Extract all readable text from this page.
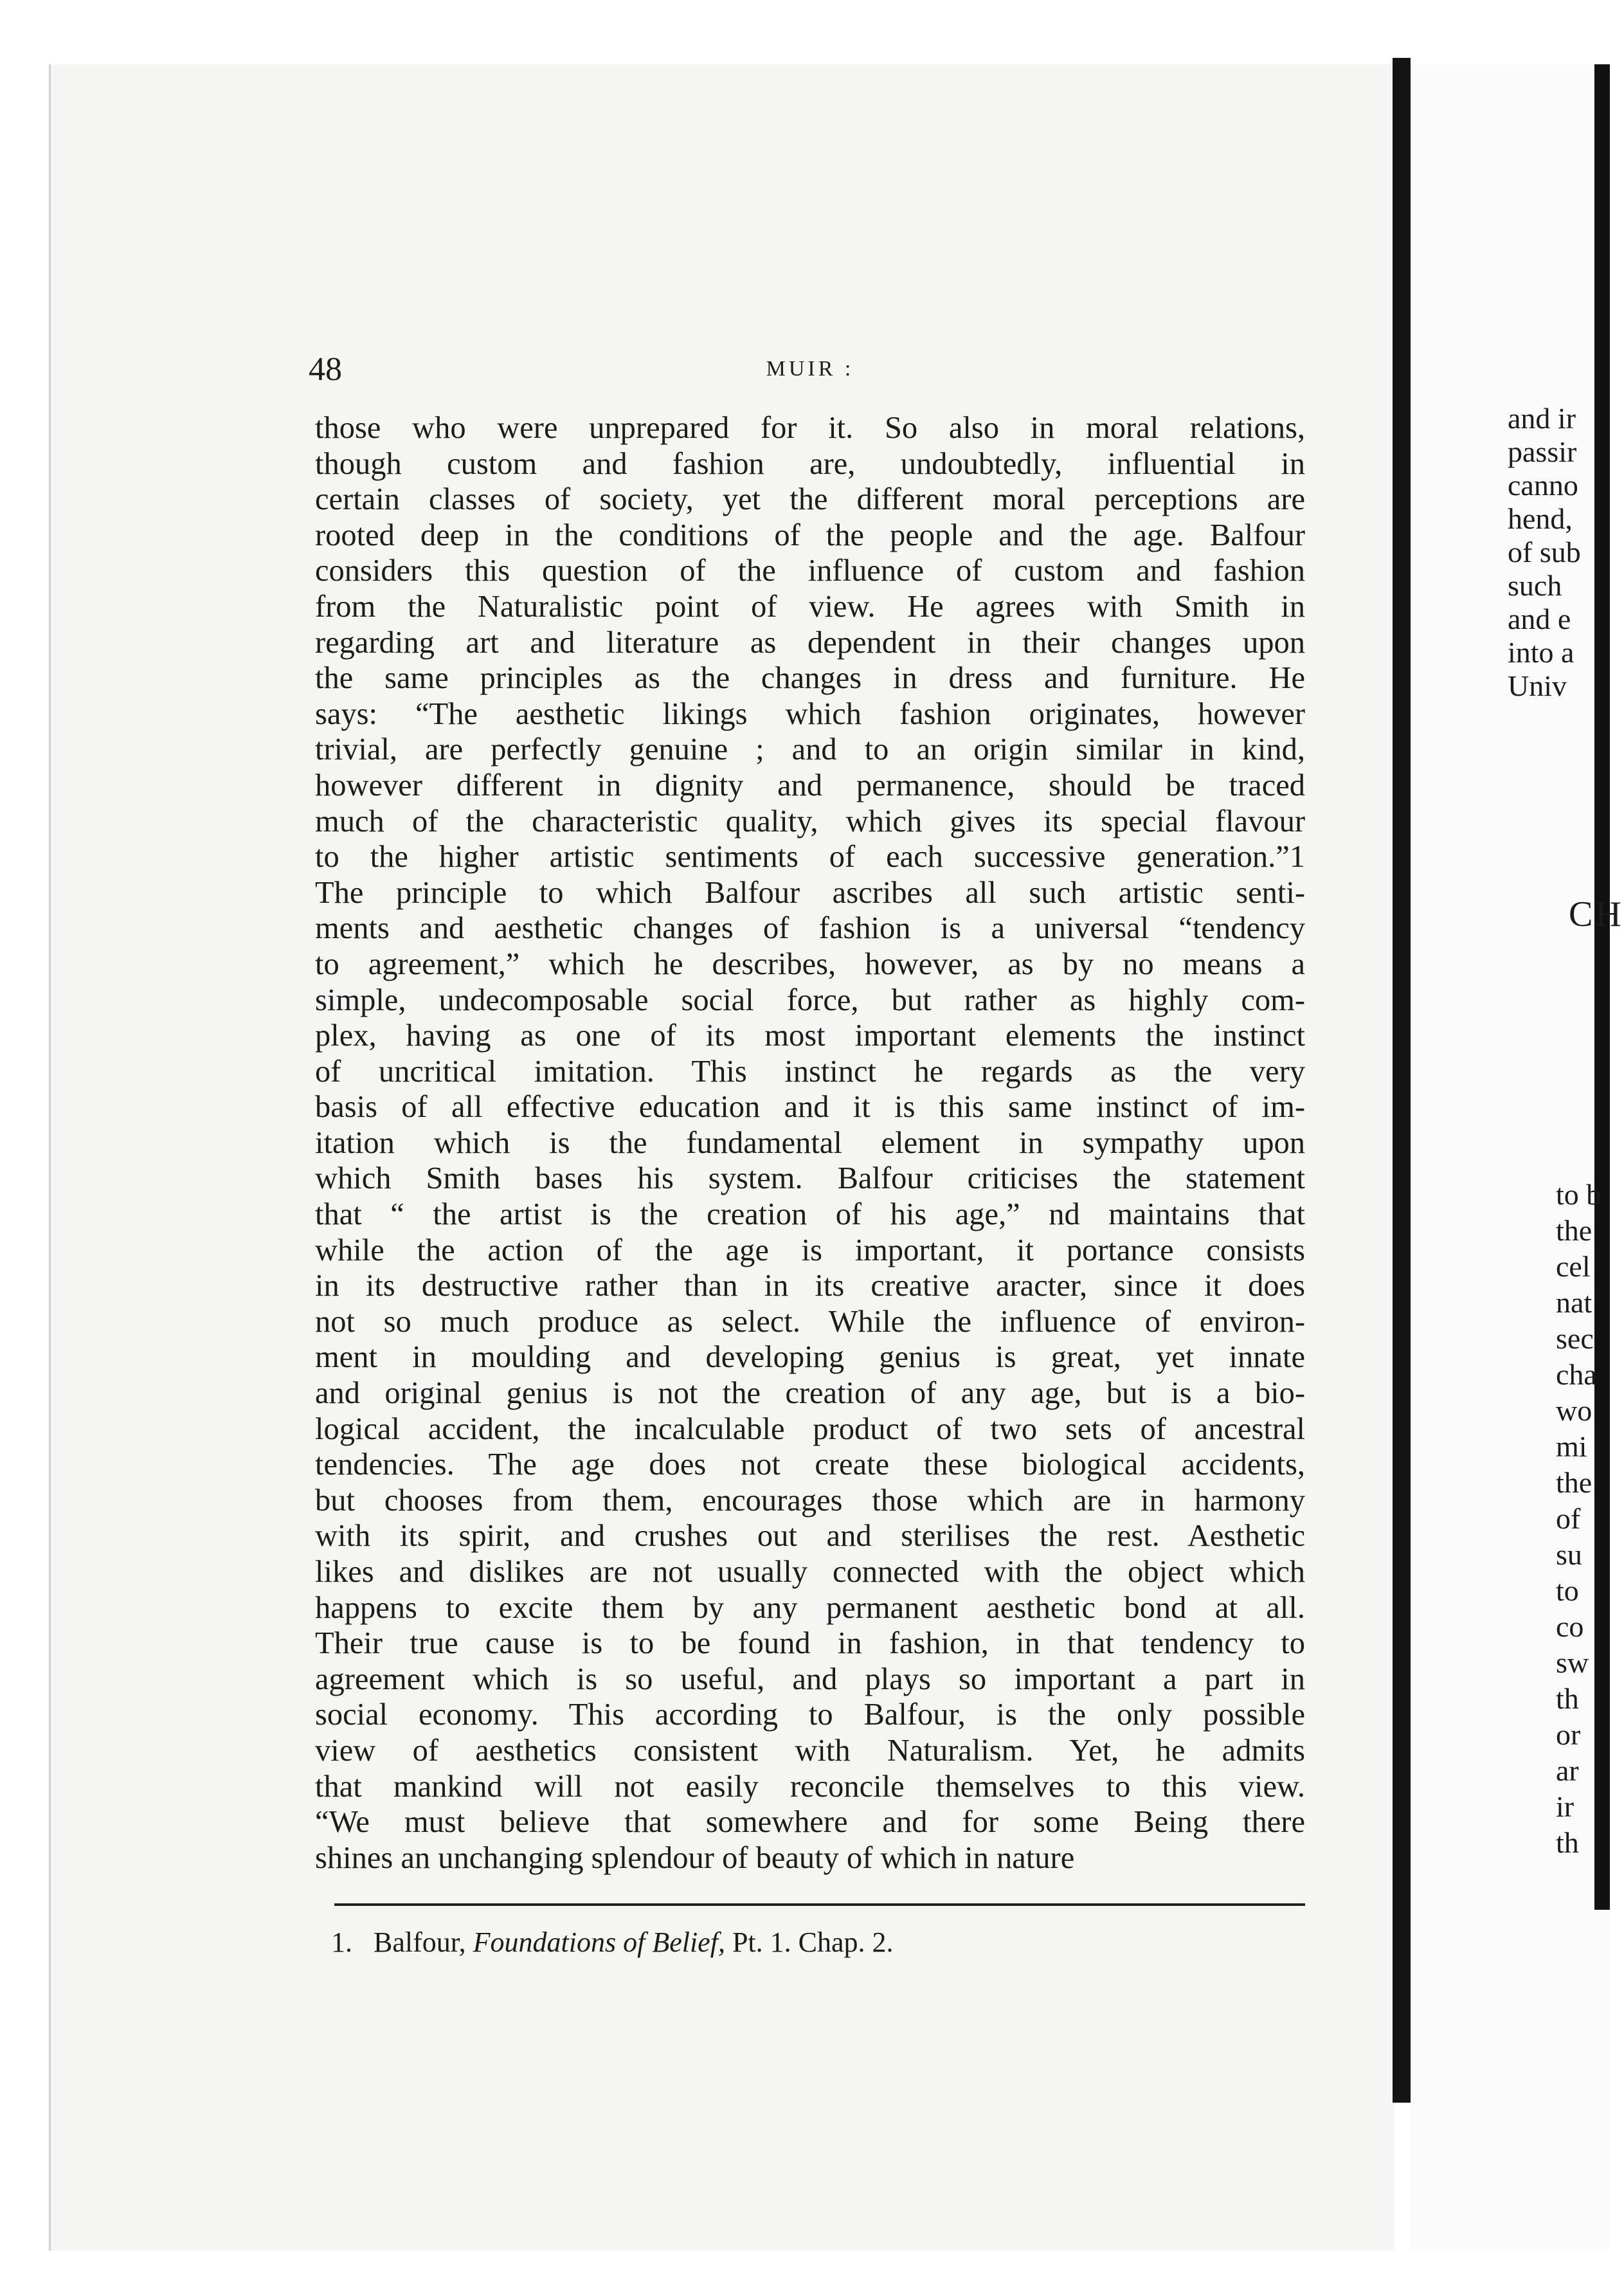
48	MUIR :
those who were unprepared for it. So also in moral relations,
though custom and fashion are, undoubtedly, influential in
certain classes of society, yet the different moral perceptions are
rooted deep in the conditions of the people and the age. Balfour
considers this question of the influence of custom and fashion
from the Naturalistic point of view. He agrees with Smith in
regarding art and literature as dependent in their changes upon
the same principles as the changes in dress and furniture. He
says: “The aesthetic likings which fashion originates, however
trivial, are perfectly genuine ; and to an origin similar in kind,
however different in dignity and permanence, should be traced
much of the characteristic quality, which gives its special flavour
to the higher artistic sentiments of each successive generation.”1
The principle to which Balfour ascribes all such artistic senti-
ments and aesthetic changes of fashion is a universal “tendency
to agreement,” which he describes, however, as by no means a
simple, undecomposable social force, but rather as highly com-
plex, having as one of its most important elements the instinct
of uncritical imitation. This instinct he regards as the very
basis of all effective education and it is this same instinct of im-
itation which is the fundamental element in sympathy upon
which Smith bases his system. Balfour criticises the statement
that “ the artist is the creation of his age,” nd maintains that
while the action of the age is important, it portance consists
in its destructive rather than in its creative aracter, since it does
not so much produce as select. While the influence of environ-
ment in moulding and developing genius is great, yet innate
and original genius is not the creation of any age, but is a bio-
logical accident, the incalculable product of two sets of ancestral
tendencies. The age does not create these biological accidents,
but chooses from them, encourages those which are in harmony
with its spirit, and crushes out and sterilises the rest. Aesthetic
likes and dislikes are not usually connected with the object which
happens to excite them by any permanent aesthetic bond at all.
Their true cause is to be found in fashion, in that tendency to
agreement which is so useful, and plays so important a part in
social economy. This according to Balfour, is the only possible
view of aesthetics consistent with Naturalism. Yet, he admits
that mankind will not easily reconcile themselves to this view.
“We must believe that somewhere and for some Being there
shines an unchanging splendour of beauty of which in nature
1. Balfour, Foundations of Belief, Pt. 1. Chap. 2.
and ir
passir
canno
hend,
of sub
such
and e
into a
Univ
CH
to b
the
cel
nat
sec
cha
wo
mi
the
of
su
to
co
sw
th
or
ar
ir
th
